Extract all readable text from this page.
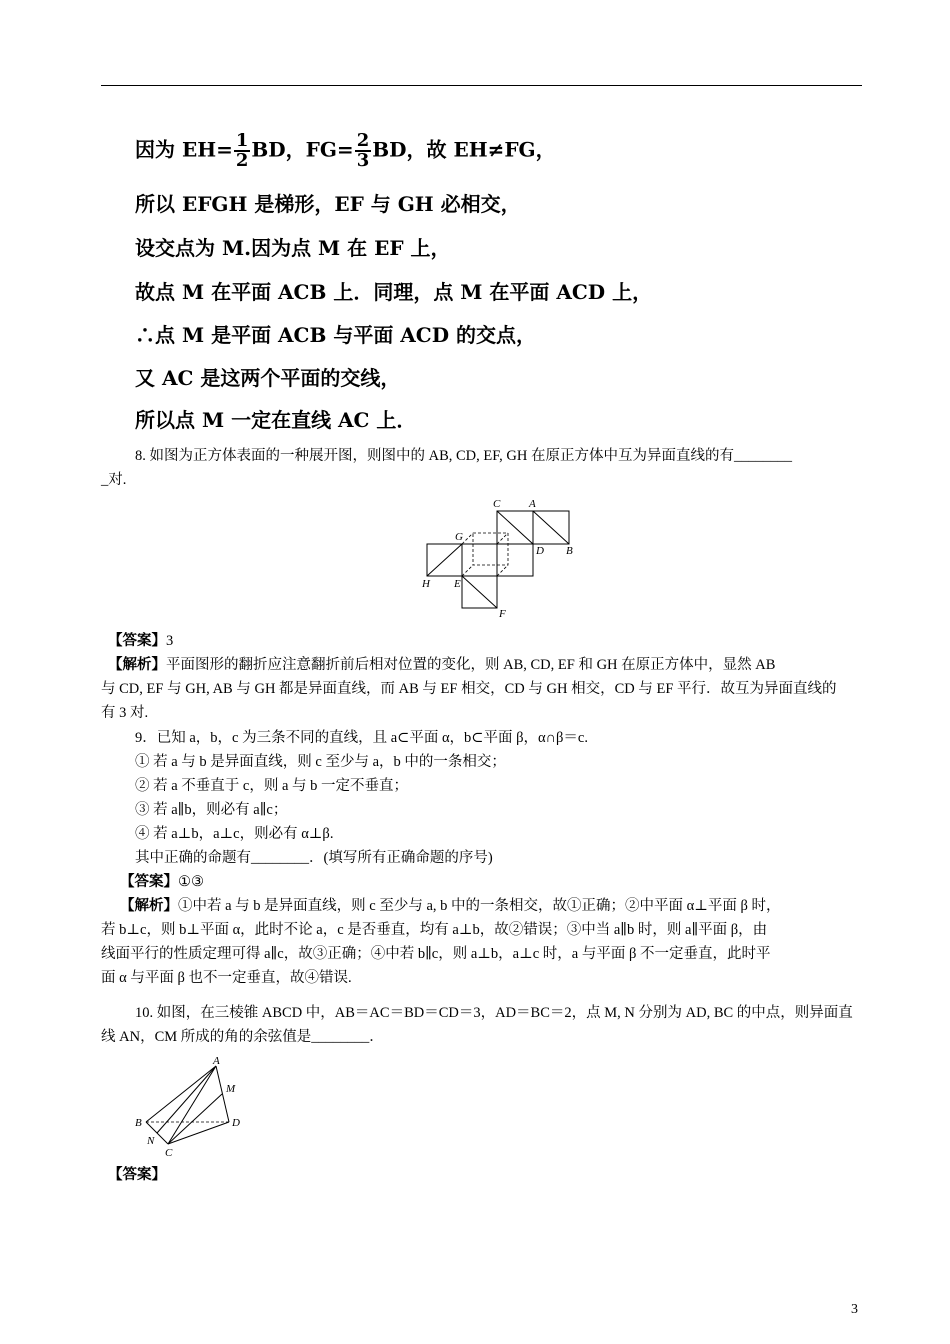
因为 $EH= \frac{1}{2}$ BD，$FG= \frac{2}{3}$ BD，故 EH≠FG，
所以 EFGH 是梯形，EF 与 GH 必相交，
设交点为 M.因为点 M 在 EF 上，
故点 M 在平面 ACB 上．同理，点 M 在平面 ACD 上，
∴点 M 是平面 ACB 与平面 ACD 的交点，
又 AC 是这两个平面的交线，
所以点 M 一定在直线 AC 上．
8. 如图为正方体表面的一种展开图，则图中的 AB, CD, EF, GH 在原正方体中互为异面直线的有________
_对.
C	A
G
D B
H E
F
【答案】3
【解析】平面图形的翻折应注意翻折前后相对位置的变化，则 AB, CD, EF 和 GH 在原正方体中，显然 AB
与 CD, EF 与 GH, AB 与 GH 都是异面直线，而 AB 与 EF 相交，CD 与 GH 相交，CD 与 EF 平行．故互为异面直线的
有 3 对.
9．已知 a，b，c 为三条不同的直线，且 a⊂平面 α，b⊂平面 β，α∩β＝c.
① 若 a 与 b 是异面直线，则 c 至少与 a，b 中的一条相交；
② 若 a 不垂直于 c，则 a 与 b 一定不垂直；
③ 若 a∥b，则必有 a∥c；
④ 若 a⊥b，a⊥c，则必有 α⊥β.
其中正确的命题有________．(填写所有正确命题的序号)
【答案】①③
【解析】①中若 a 与 b 是异面直线，则 c 至少与 a, b 中的一条相交，故①正确；②中平面 α⊥平面 β 时，
若 b⊥c，则 b⊥平面 α，此时不论 a，c 是否垂直，均有 a⊥b，故②错误；③中当 a∥b 时，则 a∥平面 β，由
线面平行的性质定理可得 a∥c，故③正确；④中若 b∥c，则 a⊥b，a⊥c 时，a 与平面 β 不一定垂直，此时平
面 α 与平面 β 也不一定垂直，故④错误.
10. 如图，在三棱锥 ABCD 中，AB＝AC＝BD＝CD＝3，AD＝BC＝2，点 M, N 分别为 AD, BC 的中点，则异面直
线 AN，CM 所成的角的余弦值是________．
A
M
B	D
N
C
【答案】
3
